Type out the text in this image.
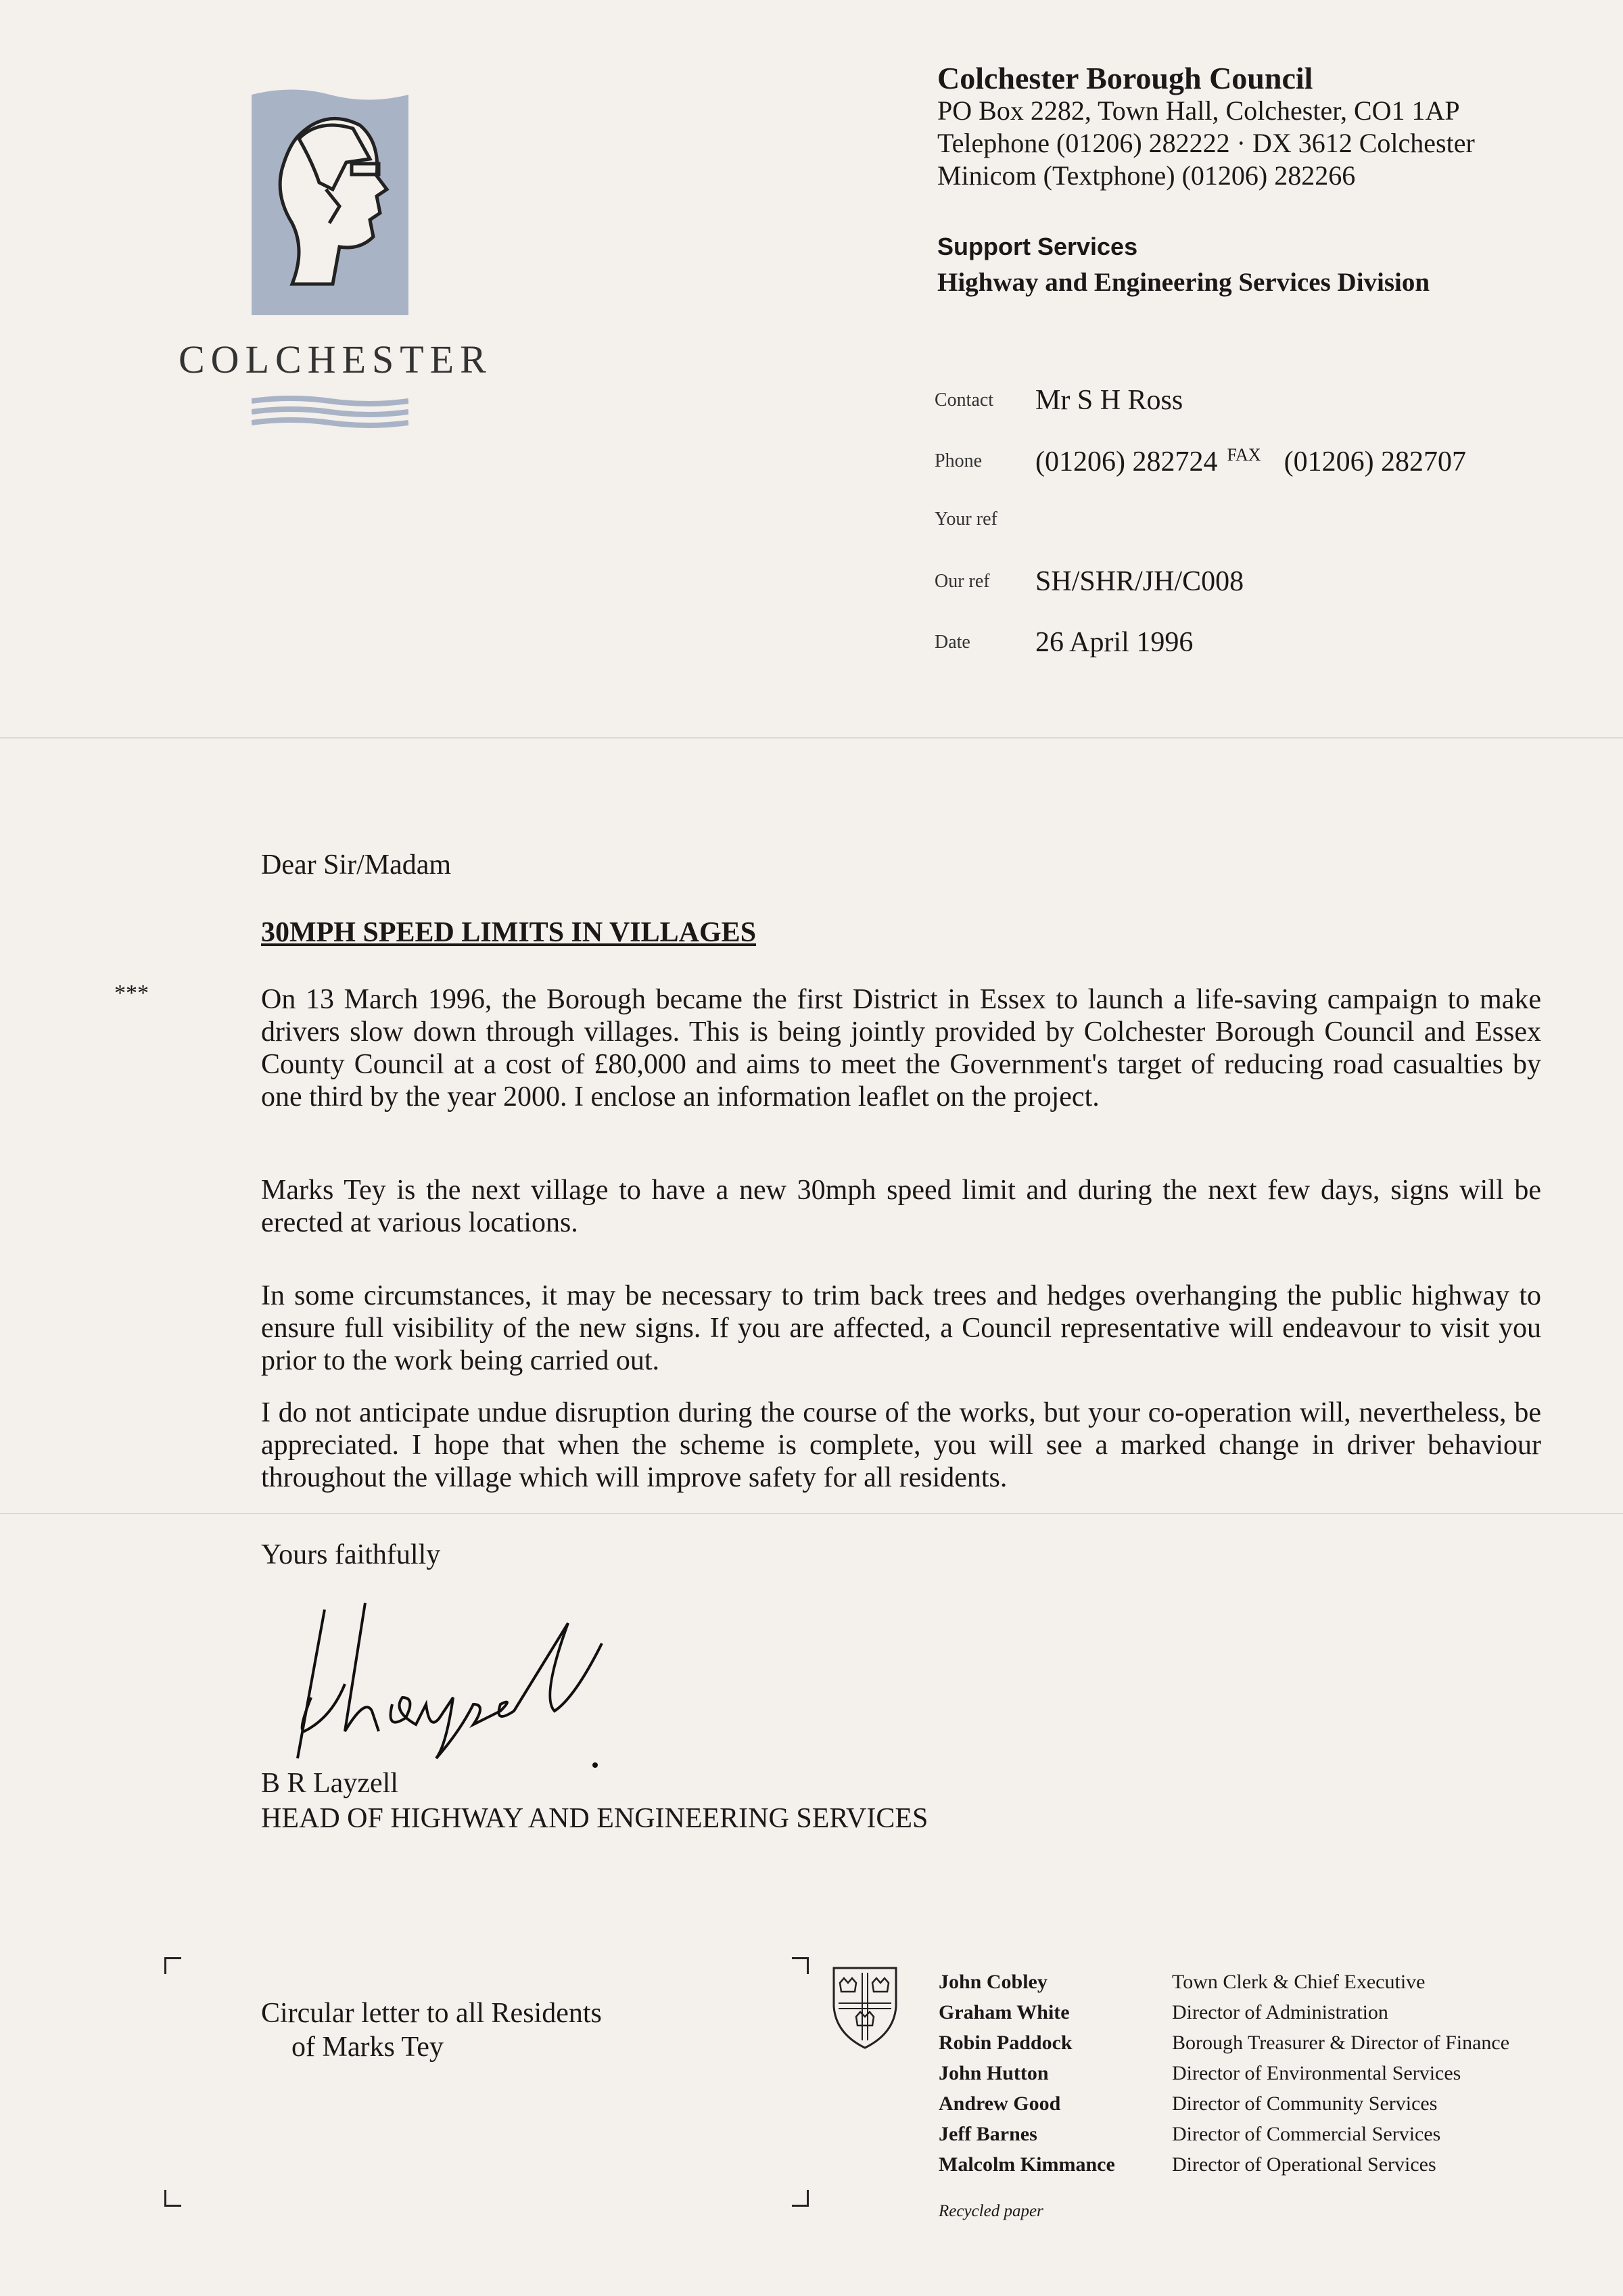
COLCHESTER
Colchester Borough Council
PO Box 2282, Town Hall, Colchester, CO1 1AP
Telephone (01206) 282222 · DX 3612 Colchester
Minicom (Textphone) (01206) 282266
Support Services
Highway and Engineering Services Division
Contact Mr S H Ross
Phone (01206) 282724 $^{FAX}$ (01206) 282707
Your ref
Our ref SH/SHR/JH/C008
Date 26 April 1996
Dear Sir/Madam
30MPH SPEED LIMITS IN VILLAGES
***	On 13 March 1996, the Borough became the first District in Essex to launch a life-saving campaign to make drivers slow down through villages. This is being jointly provided by Colchester Borough Council and Essex County Council at a cost of £80,000 and aims to meet the Government's target of reducing road casualties by one third by the year 2000. I enclose an information leaflet on the project.
Marks Tey is the next village to have a new 30mph speed limit and during the next few days, signs will be erected at various locations.
In some circumstances, it may be necessary to trim back trees and hedges overhanging the public highway to ensure full visibility of the new signs. If you are affected, a Council representative will endeavour to visit you prior to the work being carried out.
I do not anticipate undue disruption during the course of the works, but your co-operation will, nevertheless, be appreciated. I hope that when the scheme is complete, you will see a marked change in driver behaviour throughout the village which will improve safety for all residents.
Yours faithfully
B R Layzell
HEAD OF HIGHWAY AND ENGINEERING SERVICES
Circular letter to all Residents
of Marks Tey
John Cobley
Graham White
Robin Paddock
John Hutton
Andrew Good
Jeff Barnes
Malcolm Kimmance
Town Clerk & Chief Executive
Director of Administration
Borough Treasurer & Director of Finance
Director of Environmental Services
Director of Community Services
Director of Commercial Services
Director of Operational Services
Recycled paper
